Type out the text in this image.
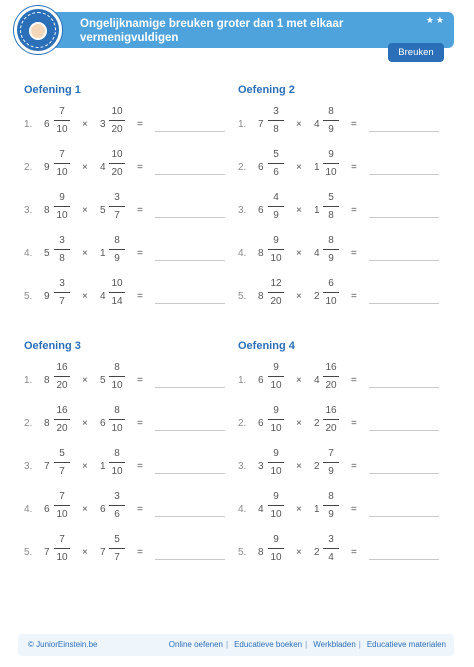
Ongelijknamige breuken groter dan 1 met elkaar vermenigvuldigen
★★
Breuken
Oefening 1
1. 6
7
10	× 3
10
20	=
2. 9
7
10	× 4
10
20	=
3. 8
9
10	× 5
3
7	=
4. 5
3
8	× 1
8
9	=
5. 9
3
7	× 4
10
14	=
Oefening 2
1. 7
3
8	× 4
8
9	=
2. 6
5
6	× 1
9
10	=
3. 6
4
9	× 1
5
8	=
4. 8
9
10	× 4
8
9	=
5. 8
12
20	× 2
6
10	=
Oefening 3
1. 8
16
20	× 5
8
10	=
2. 8
16
20	× 6
8
10	=
3. 7
5
7	× 1
8
10	=
4. 6
7
10	× 6
3
6	=
5. 7
7
10	× 7
5
7	=
Oefening 4
1. 6
9
10	× 4
16
20	=
2. 6
9
10	× 2
16
20	=
3. 3
9
10	× 2
7
9	=
4. 4
9
10	× 1
8
9	=
5. 8
9
10	× 2
3
4	=
© JuniorEinstein.be	Online oefenen | Educatieve boeken | Werkbladen | Educatieve materialen
